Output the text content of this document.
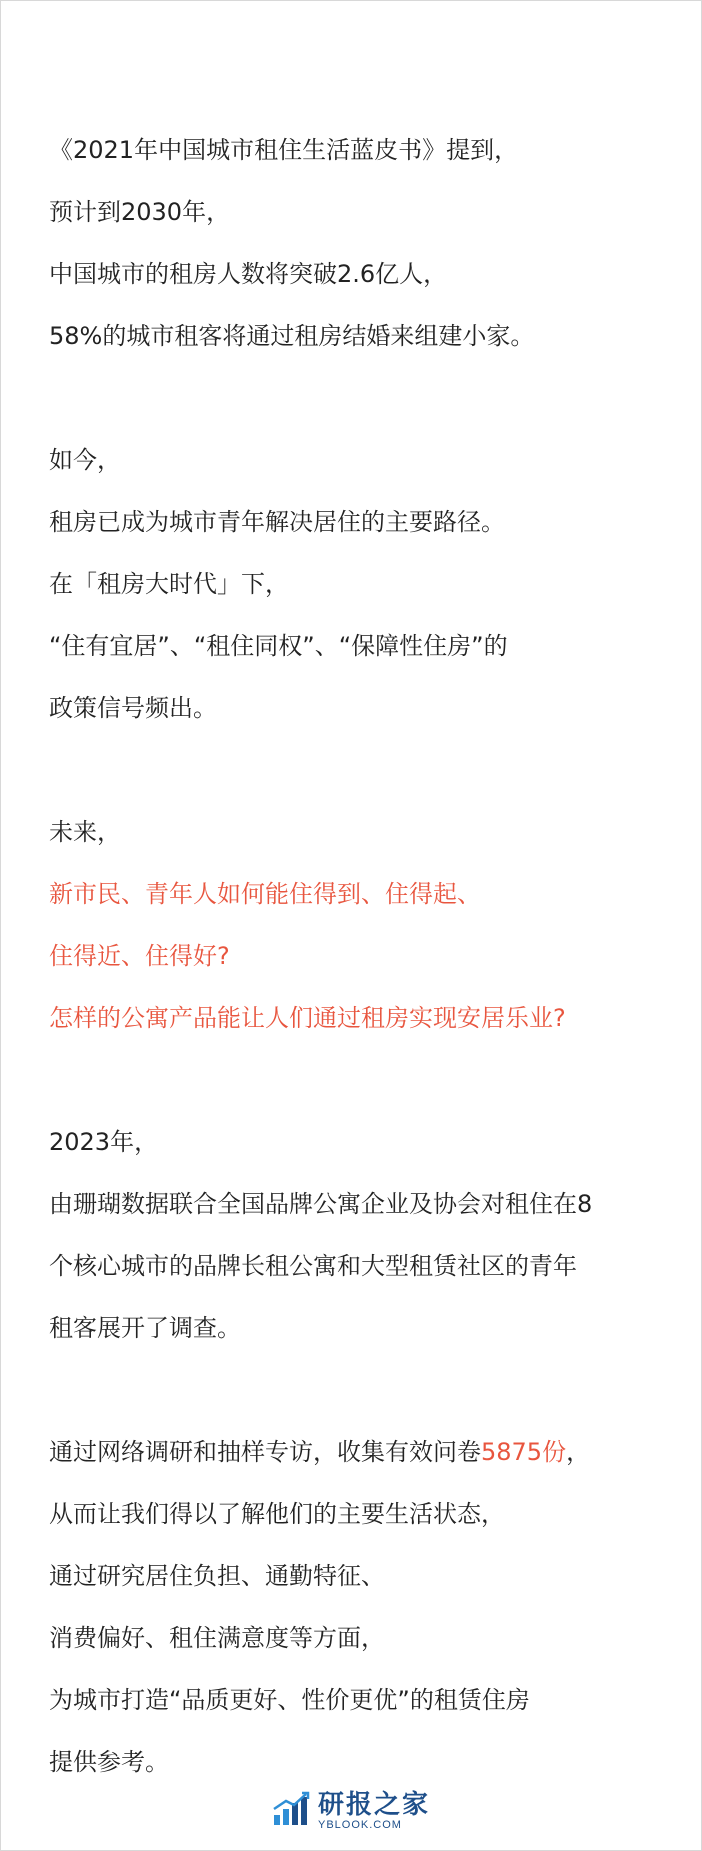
《2021年中国城市租住生活蓝皮书》提到，
预计到2030年，
中国城市的租房人数将突破2.6亿人，
58%的城市租客将通过租房结婚来组建小家。
如今，
租房已成为城市青年解决居住的主要路径。
在「租房大时代」下，
“住有宜居”、“租住同权”、“保障性住房”的
政策信号频出。
未来，
新市民、青年人如何能住得到、住得起、
住得近、住得好?
怎样的公寓产品能让人们通过租房实现安居乐业?
2023年，
由珊瑚数据联合全国品牌公寓企业及协会对租住在8
个核心城市的品牌长租公寓和大型租赁社区的青年
租客展开了调查。
通过网络调研和抽样专访，收集有效问卷5875份，
从而让我们得以了解他们的主要生活状态，
通过研究居住负担、通勤特征、
消费偏好、租住满意度等方面，
为城市打造“品质更好、性价更优”的租赁住房
提供参考。
研报之家
YBLOOK.COM
